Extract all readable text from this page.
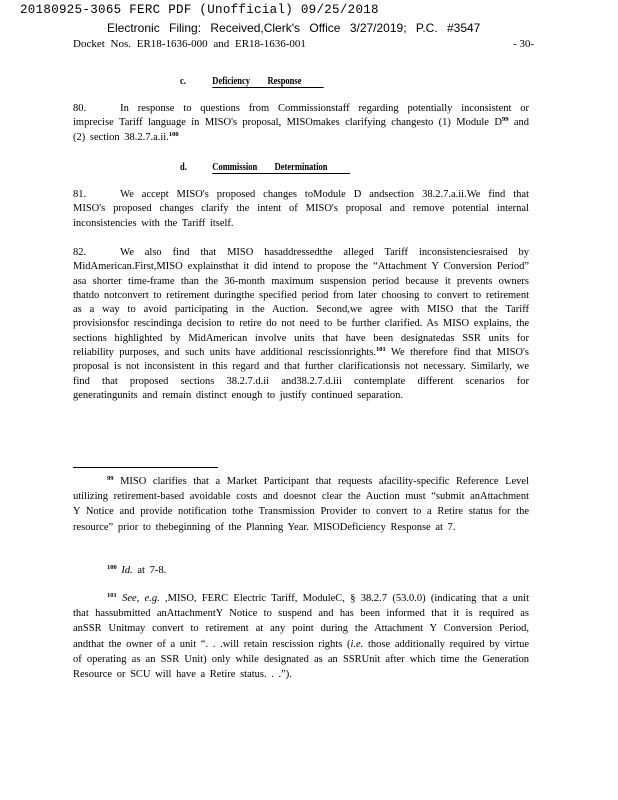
20180925-3065 FERC PDF (Unofficial) 09/25/2018
Electronic Filing: Received,Clerk's Office 3/27/2019; P.C. #3547
Docket Nos. ER18-1636-000 and ER18-1636-001	- 30-
c.	Deficiency Response
80.	In response to questions from Commissionstaff regarding potentially inconsistent or imprecise Tariff language in MISO's proposal, MISOmakes clarifying changesto (1) Module $D^{99}$ and (2) section 38.2.7.a.ii.$^{100}$
d.	Commission Determination
81.	We accept MISO's proposed changes toModule D andsection 38.2.7.a.ii.We find that MISO's proposed changes clarify the intent of MISO's proposal and remove potential internal inconsistencies with the Tariff itself.
82.	We also find that MISO hasaddressedthe alleged Tariff inconsistenciesraised by MidAmerican.First,MISO explainsthat it did intend to propose the “Attachment Y Conversion Period” asa shorter time-frame than the 36-month maximum suspension period because it prevents owners thatdo notconvert to retirement duringthe specified period from later choosing to convert to retirement as a way to avoid participating in the Auction. Second,we agree with MISO that the Tariff provisionsfor rescindinga decision to retire do not need to be further clarified. As MISO explains, the sections highlighted by MidAmerican involve units that have been designatedas SSR units for reliability purposes, and such units have additional rescissionrights.$^{101}$ We therefore find that MISO's proposal is not inconsistent in this regard and that further clarificationsis not necessary. Similarly, we find that proposed sections 38.2.7.d.ii and38.2.7.d.iii contemplate different scenarios for generatingunits and remain distinct enough to justify continued separation.
$^{99}$ MISO clarifies that a Market Participant that requests afacility-specific Reference Level utilizing retirement-based avoidable costs and doesnot clear the Auction must “submit anAttachment Y Notice and provide notification tothe Transmission Provider to convert to a Retire status for the resource” prior to thebeginning of the Planning Year. MISODeficiency Response at 7.
$^{100}$ Id. at 7-8.
$^{101}$ See, e.g. ,MISO, FERC Electric Tariff, ModuleC, § 38.2.7 (53.0.0) (indicating that a unit that hassubmitted anAttachmentY Notice to suspend and has been informed that it is required as anSSR Unitmay convert to retirement at any point during the Attachment Y Conversion Period, andthat the owner of a unit “. . .will retain rescission rights (i.e. those additionally required by virtue of operating as an SSR Unit) only while designated as an SSRUnit after which time the Generation Resource or SCU will have a Retire status. . .”).
